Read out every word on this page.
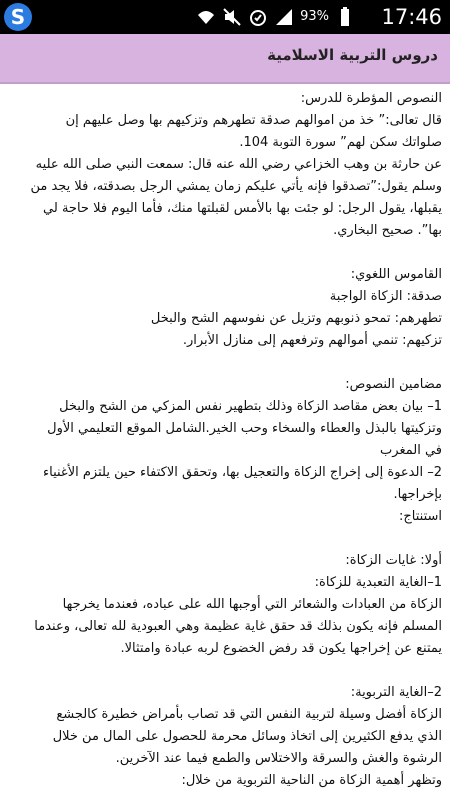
S	93% 17:46
دروس التربية الاسلامية
النصوص المؤطرة للدرس:
قال تعالى:” خذ من اموالهم صدقة تطهرهم وتزكيهم بها وصل عليهم إن
صلواتك سكن لهم” سورة التوبة 104.
عن حارثة بن وهب الخزاعي رضي الله عنه قال: سمعت النبي صلى الله عليه
وسلم يقول:”تصدقوا فإنه يأتي عليكم زمان يمشي الرجل بصدقته، فلا يجد من
يقبلها، يقول الرجل: لو جئت بها بالأمس لقبلتها منك، فأما اليوم فلا حاجة لي
بها”. صحيح البخاري.
القاموس اللغوي:
صدقة: الزكاة الواجبة
تطهرهم: تمحو ذنوبهم وتزيل عن نفوسهم الشح والبخل
تزكيهم: تنمي أموالهم وترفعهم إلى منازل الأبرار.
مضامين النصوص:
1– بيان بعض مقاصد الزكاة وذلك بتطهير نفس المزكي من الشح والبخل
وتزكيتها بالبذل والعطاء والسخاء وحب الخير.الشامل الموقع التعليمي الأول
في المغرب
2– الدعوة إلى إخراج الزكاة والتعجيل بها، وتحقق الاكتفاء حين يلتزم الأغنياء
بإخراجها.
استنتاج:
أولا: غايات الزكاة:
1–الغاية التعبدية للزكاة:
الزكاة من العبادات والشعائر التي أوجبها الله على عباده، فعندما يخرجها
المسلم فإنه يكون بذلك قد حقق غاية عظيمة وهي العبودية لله تعالى، وعندما
يمتنع عن إخراجها يكون قد رفض الخضوع لربه عبادة وامتثالا.
2–الغاية التربوية:
الزكاة أفضل وسيلة لتربية النفس التي قد تصاب بأمراض خطيرة كالجشع
الذي يدفع الكثيرين إلى اتخاذ وسائل محرمة للحصول على المال من خلال
الرشوة والغش والسرقة والاختلاس والطمع فيما عند الآخرين.
وتظهر أهمية الزكاة من الناحية التربوية من خلال:
